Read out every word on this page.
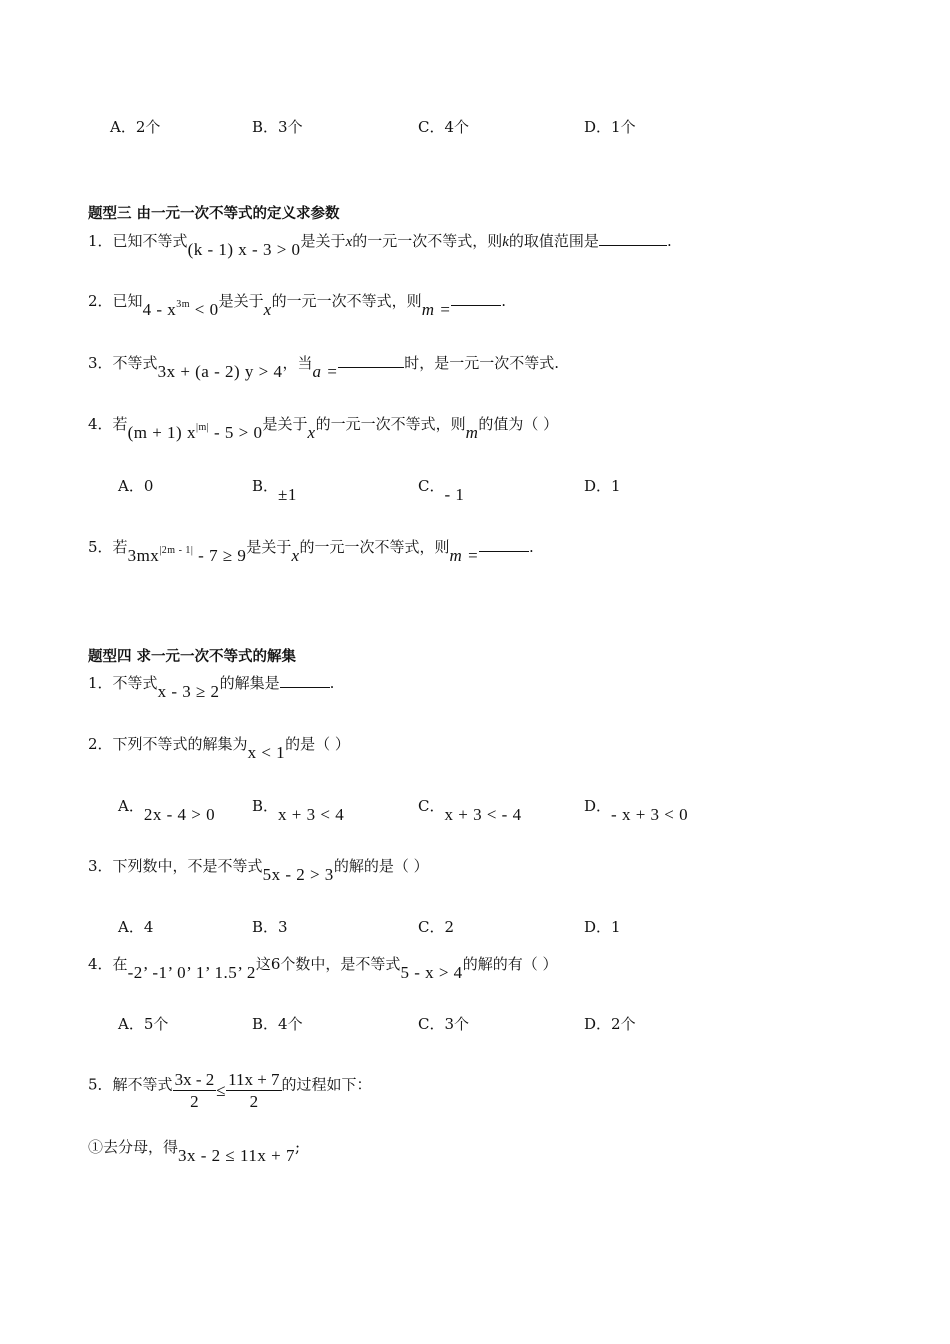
A．2个	B．3个	C．4个	D．1个
题型三 由一元一次不等式的定义求参数
1．已知不等式(k - 1) x - 3 > 0是关于x的一元一次不等式，则k的取值范围是	.
2．已知$4 - x^{3m} < 0$是关于x的一元一次不等式，则m =	.
3．不等式3x + (a - 2) y > 4，当a =	时，是一元一次不等式.
4．若(m + 1) $x^{|m|} - 5 > 0$是关于x的一元一次不等式，则m的值为（ ）
A．0	B．±1	C．- 1	D．1
5．若$3mx^{|2m - 1|} - 7 \ge 9$是关于x的一元一次不等式，则m =	.
题型四 求一元一次不等式的解集
1．不等式x - 3 ≥ 2的解集是	.
2．下列不等式的解集为x < 1的是（ ）
A．2x - 4 > 0 B．x + 3 < 4	C．x + 3 < - 4	D．- x + 3 < 0
3．下列数中，不是不等式5x - 2 > 3的解的是（ ）
A．4	B．3	C．2	D．1
4．在-2’ -1’ 0’ 1’ 1.5’ 2这6个数中，是不等式5 - x > 4的解的有（ ）
A．5个	B．4个	C．3个	D．2个
5．解不等式 $\frac{3x - 2}{2} \le \frac{11x + 7}{2}$ 的过程如下：
①去分母，得3x - 2 ≤ 11x + 7;
